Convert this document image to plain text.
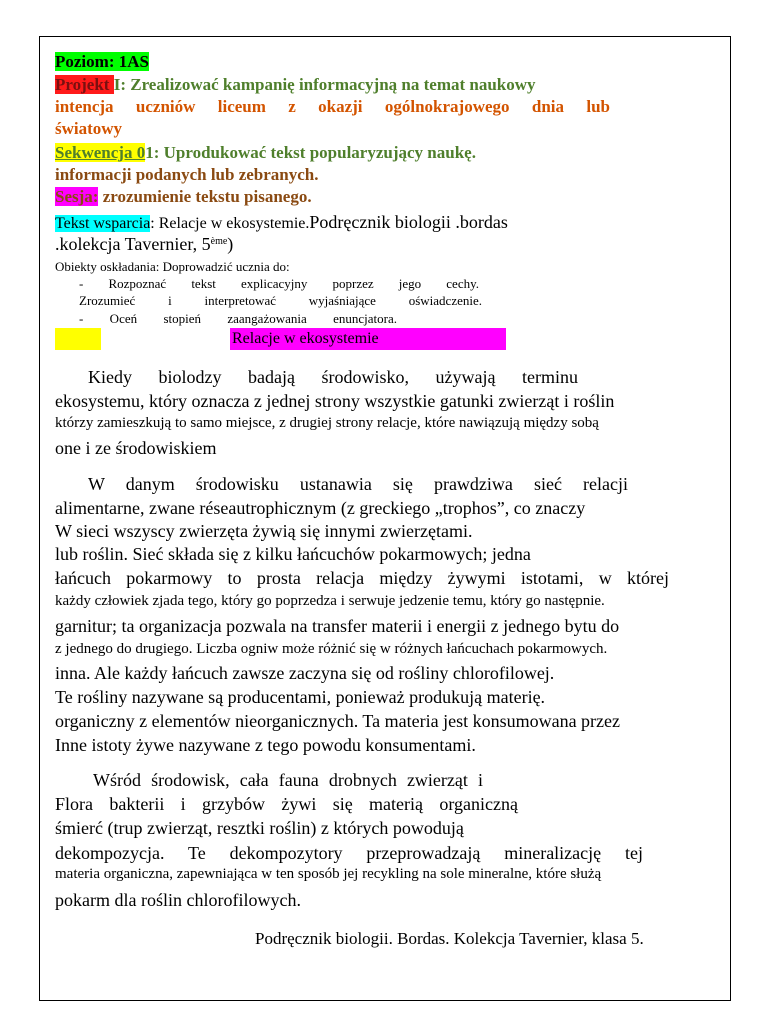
Poziom: 1AS
Projekt I: Zrealizować kampanię informacyjną na temat naukowy
intencja uczniów liceum z okazji ogólnokrajowego dnia lub
światowy
Sekwencja 01: Uprodukować tekst popularyzujący naukę.
informacji podanych lub zebranych.
Sesja: zrozumienie tekstu pisanego.
Tekst wsparcia: Relacje w ekosystemie.Podręcznik biologii .bordas
.kolekcja Tavernier, 5ème)
Obiekty oskładania: Doprowadzić ucznia do:
- Rozpoznać tekst explicacyjny poprzez jego cechy.
Zrozumieć i interpretować wyjaśniające oświadczenie.
- Oceń stopień zaangażowania enuncjatora.
Relacje w ekosystemie
Kiedy biolodzy badają środowisko, używają terminu
ekosystemu, który oznacza z jednej strony wszystkie gatunki zwierząt i roślin
którzy zamieszkują to samo miejsce, z drugiej strony relacje, które nawiązują między sobą
one i ze środowiskiem
W danym środowisku ustanawia się prawdziwa sieć relacji
alimentarne, zwane réseautrophicznym (z greckiego „trophos”, co znaczy
W sieci wszyscy zwierzęta żywią się innymi zwierzętami.
lub roślin. Sieć składa się z kilku łańcuchów pokarmowych; jedna
łańcuch pokarmowy to prosta relacja między żywymi istotami, w której
każdy człowiek zjada tego, który go poprzedza i serwuje jedzenie temu, który go następnie.
garnitur; ta organizacja pozwala na transfer materii i energii z jednego bytu do
z jednego do drugiego. Liczba ogniw może różnić się w różnych łańcuchach pokarmowych.
inna. Ale każdy łańcuch zawsze zaczyna się od rośliny chlorofilowej.
Te rośliny nazywane są producentami, ponieważ produkują materię.
organiczny z elementów nieorganicznych. Ta materia jest konsumowana przez
Inne istoty żywe nazywane z tego powodu konsumentami.
Wśród środowisk, cała fauna drobnych zwierząt i
Flora bakterii i grzybów żywi się materią organiczną
śmierć (trup zwierząt, resztki roślin) z których powodują
dekompozycja. Te dekompozytory przeprowadzają mineralizację tej
materia organiczna, zapewniająca w ten sposób jej recykling na sole mineralne, które służą
pokarm dla roślin chlorofilowych.
Podręcznik biologii. Bordas. Kolekcja Tavernier, klasa 5.
